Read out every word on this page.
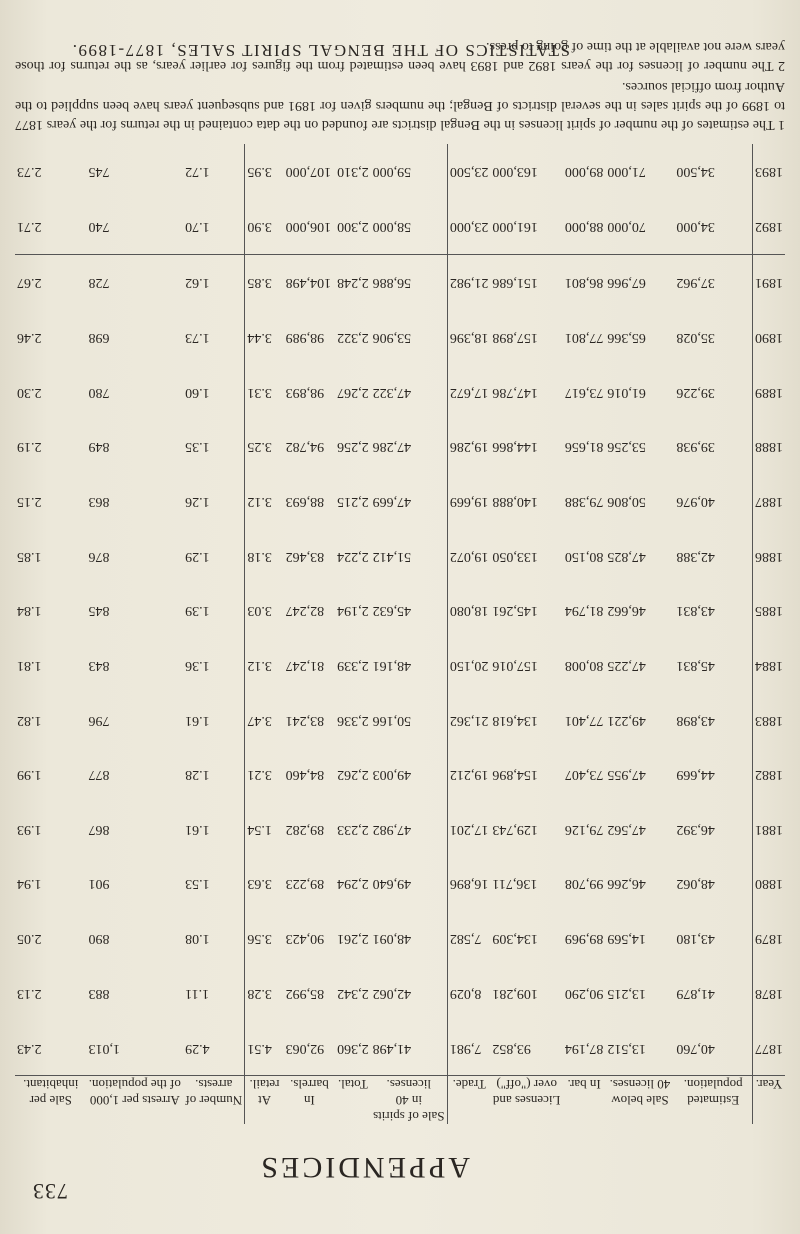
733
APPENDICES
STATISTICS OF THE BENGAL SPIRIT SALES, 1877-1899.
Year.	Estimated population.	Sale below 40 licenses.	In bar.	Licenses and over ("off")	Trade.	Sale of spirits in 40 licenses.	Total.	In barrels.	At retail.	Number of arrests.	Arrests per 1,000 of the population.	Sale per inhabitant.
1877	40,760	13,512	87,194	93,852	7,981	41,498	2,360	92,063	4.51	4.29	1,013	2.43
1878	41,879	13,215	90,290	109,281	8,029	42,062	2,342	85,992	3.28	1.11	883	2.13
1879	43,180	14,569	89,969	134,309	7,582	48,091	2,261	90,423	3.56	1.08	890	2.05
1880	48,062	46,266	99,708	136,711	16,896	49,640	2,294	89,223	3.63	1.53	901	1.94
1881	46,392	47,562	79,126	129,743	17,201	47,982	2,233	89,282	1.54	1.61	867	1.93
1882	44,669	47,955	73,407	154,896	19,212	49,003	2,262	84,460	3.21	1.28	877	1.99
1883	43,898	49,221	77,401	134,618	21,362	50,166	2,336	83,241	3.47	1.61	796	1.82
1884	45,831	47,225	80,008	157,016	20,150	48,161	2,339	81,247	3.12	1.36	843	1.81
1885	43,831	46,662	81,794	145,261	18,080	45,632	2,194	82,247	3.03	1.39	845	1.84
1886	42,388	47,825	80,150	133,050	19,072	51,412	2,224	83,462	3.18	1.29	876	1.85
1887	40,976	50,806	79,388	140,888	19,669	47,669	2,215	88,693	3.12	1.26	863	2.15
1888	39,938	53,256	81,656	144,866	19,286	47,286	2,256	94,782	3.25	1.35	849	2.19
1889	39,226	61,016	73,617	147,786	17,672	47,322	2,267	98,893	3.31	1.60	780	2.30
1890	35,028	65,366	77,801	157,898	18,396	53,906	2,322	98,989	3.44	1.73	698	2.46
1891	37,962	67,966	86,801	151,686	21,982	56,886	2,248	104,498	3.85	1.62	728	2.67
1892	34,000	70,000	88,000	161,000	23,000	58,000	2,300	106,000	3.90	1.70	740	2.71
1893	34,500	71,000	89,000	163,000	23,500	59,000	2,310	107,000	3.95	1.72	745	2.73

1 The estimates of the number of spirit licenses in the Bengal districts are founded on the data contained in the returns for the years 1877 to 1899 of the spirit sales in the several districts of Bengal; the numbers given for 1891 and subsequent years have been supplied to the Author from official sources.

2 The number of licenses for the years 1892 and 1893 have been estimated from the figures for earlier years, as the returns for those years were not available at the time of going to press.
